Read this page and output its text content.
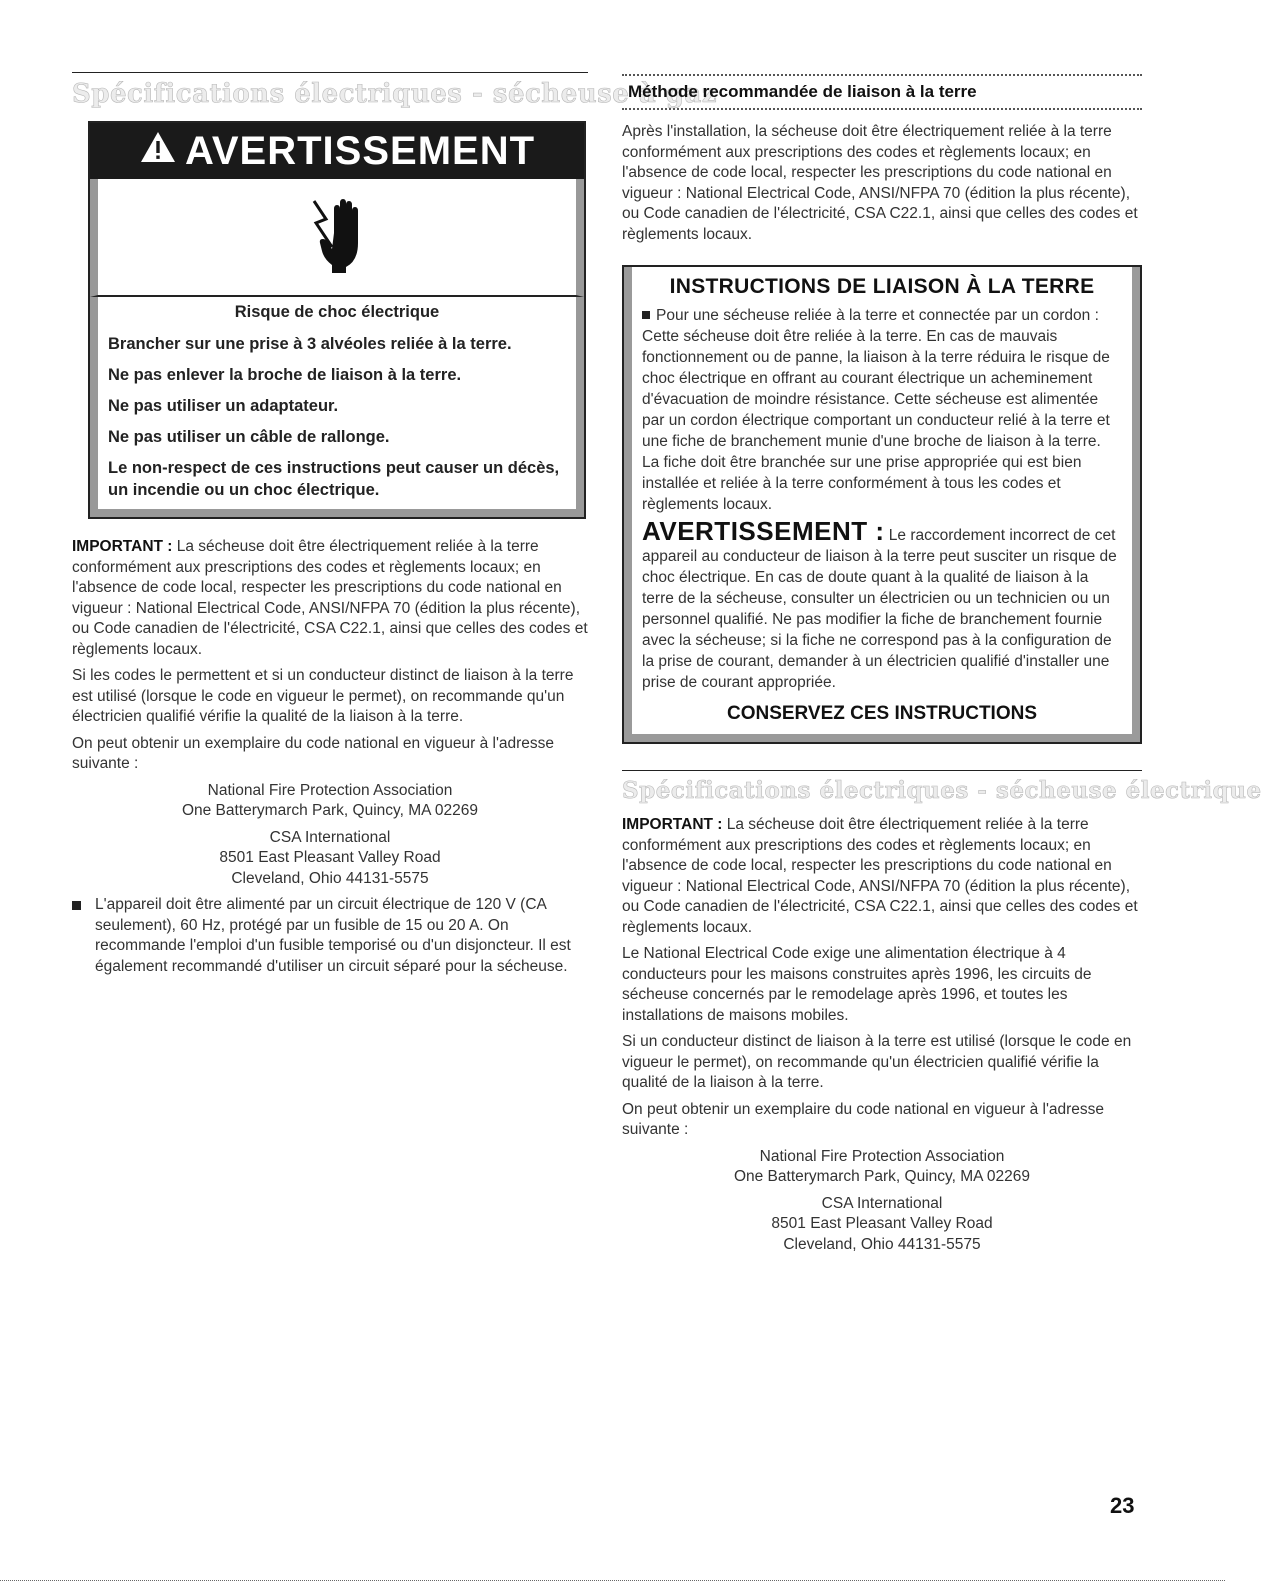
Spécifications électriques - sécheuse à gaz
AVERTISSEMENT
Risque de choc électrique

Brancher sur une prise à 3 alvéoles reliée à la terre.

Ne pas enlever la broche de liaison à la terre.

Ne pas utiliser un adaptateur.

Ne pas utiliser un câble de rallonge.

Le non-respect de ces instructions peut causer un décès, un incendie ou un choc électrique.

IMPORTANT : La sécheuse doit être électriquement reliée à la terre conformément aux prescriptions des codes et règlements locaux; en l'absence de code local, respecter les prescriptions du code national en vigueur : National Electrical Code, ANSI/NFPA 70 (édition la plus récente), ou Code canadien de l'électricité, CSA C22.1, ainsi que celles des codes et règlements locaux.

Si les codes le permettent et si un conducteur distinct de liaison à la terre est utilisé (lorsque le code en vigueur le permet), on recommande qu'un électricien qualifié vérifie la qualité de la liaison à la terre.

On peut obtenir un exemplaire du code national en vigueur à l'adresse suivante :

National Fire Protection Association
One Batterymarch Park, Quincy, MA 02269
CSA International
8501 East Pleasant Valley Road
Cleveland, Ohio 44131-5575
L'appareil doit être alimenté par un circuit électrique de 120 V (CA seulement), 60 Hz, protégé par un fusible de 15 ou 20 A. On recommande l'emploi d'un fusible temporisé ou d'un disjoncteur. Il est également recommandé d'utiliser un circuit séparé pour la sécheuse.
Méthode recommandée de liaison à la terre

Après l'installation, la sécheuse doit être électriquement reliée à la terre conformément aux prescriptions des codes et règlements locaux; en l'absence de code local, respecter les prescriptions du code national en vigueur : National Electrical Code, ANSI/NFPA 70 (édition la plus récente), ou Code canadien de l'électricité, CSA C22.1, ainsi que celles des codes et règlements locaux.

INSTRUCTIONS DE LIAISON À LA TERRE
Pour une sécheuse reliée à la terre et connectée par un cordon :
Cette sécheuse doit être reliée à la terre. En cas de mauvais fonctionnement ou de panne, la liaison à la terre réduira le risque de choc électrique en offrant au courant électrique un acheminement d'évacuation de moindre résistance. Cette sécheuse est alimentée par un cordon électrique comportant un conducteur relié à la terre et une fiche de branchement munie d'une broche de liaison à la terre. La fiche doit être branchée sur une prise appropriée qui est bien installée et reliée à la terre conformément à tous les codes et règlements locaux.
AVERTISSEMENT : Le raccordement incorrect de cet appareil au conducteur de liaison à la terre peut susciter un risque de choc électrique. En cas de doute quant à la qualité de liaison à la terre de la sécheuse, consulter un électricien ou un technicien ou un personnel qualifié. Ne pas modifier la fiche de branchement fournie avec la sécheuse; si la fiche ne correspond pas à la configuration de la prise de courant, demander à un électricien qualifié d'installer une prise de courant appropriée.
CONSERVEZ CES INSTRUCTIONS
Spécifications électriques - sécheuse électrique

IMPORTANT : La sécheuse doit être électriquement reliée à la terre conformément aux prescriptions des codes et règlements locaux; en l'absence de code local, respecter les prescriptions du code national en vigueur : National Electrical Code, ANSI/NFPA 70 (édition la plus récente), ou Code canadien de l'électricité, CSA C22.1, ainsi que celles des codes et règlements locaux.

Le National Electrical Code exige une alimentation électrique à 4 conducteurs pour les maisons construites après 1996, les circuits de sécheuse concernés par le remodelage après 1996, et toutes les installations de maisons mobiles.

Si un conducteur distinct de liaison à la terre est utilisé (lorsque le code en vigueur le permet), on recommande qu'un électricien qualifié vérifie la qualité de la liaison à la terre.

On peut obtenir un exemplaire du code national en vigueur à l'adresse suivante :

National Fire Protection Association
One Batterymarch Park, Quincy, MA 02269
CSA International
8501 East Pleasant Valley Road
Cleveland, Ohio 44131-5575
23
